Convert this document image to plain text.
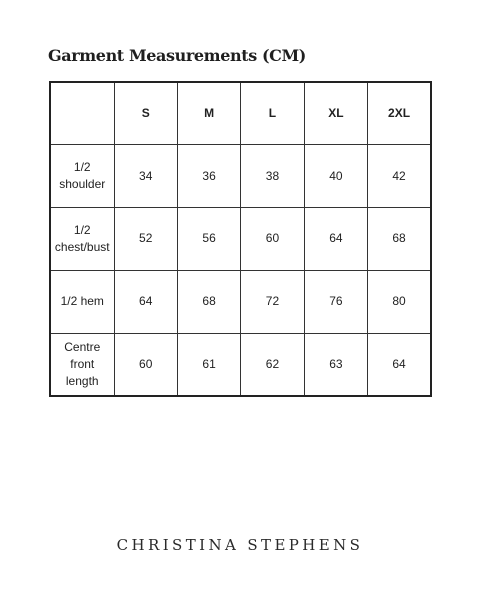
Garment Measurements (CM)
	S	M	L	XL	2XL
1/2
shoulder	34	36	38	40	42
1/2
chest/bust	52	56	60	64	68
1/2 hem	64	68	72	76	80
Centre
front
length	60	61	62	63	64
CHRISTINA STEPHENS
